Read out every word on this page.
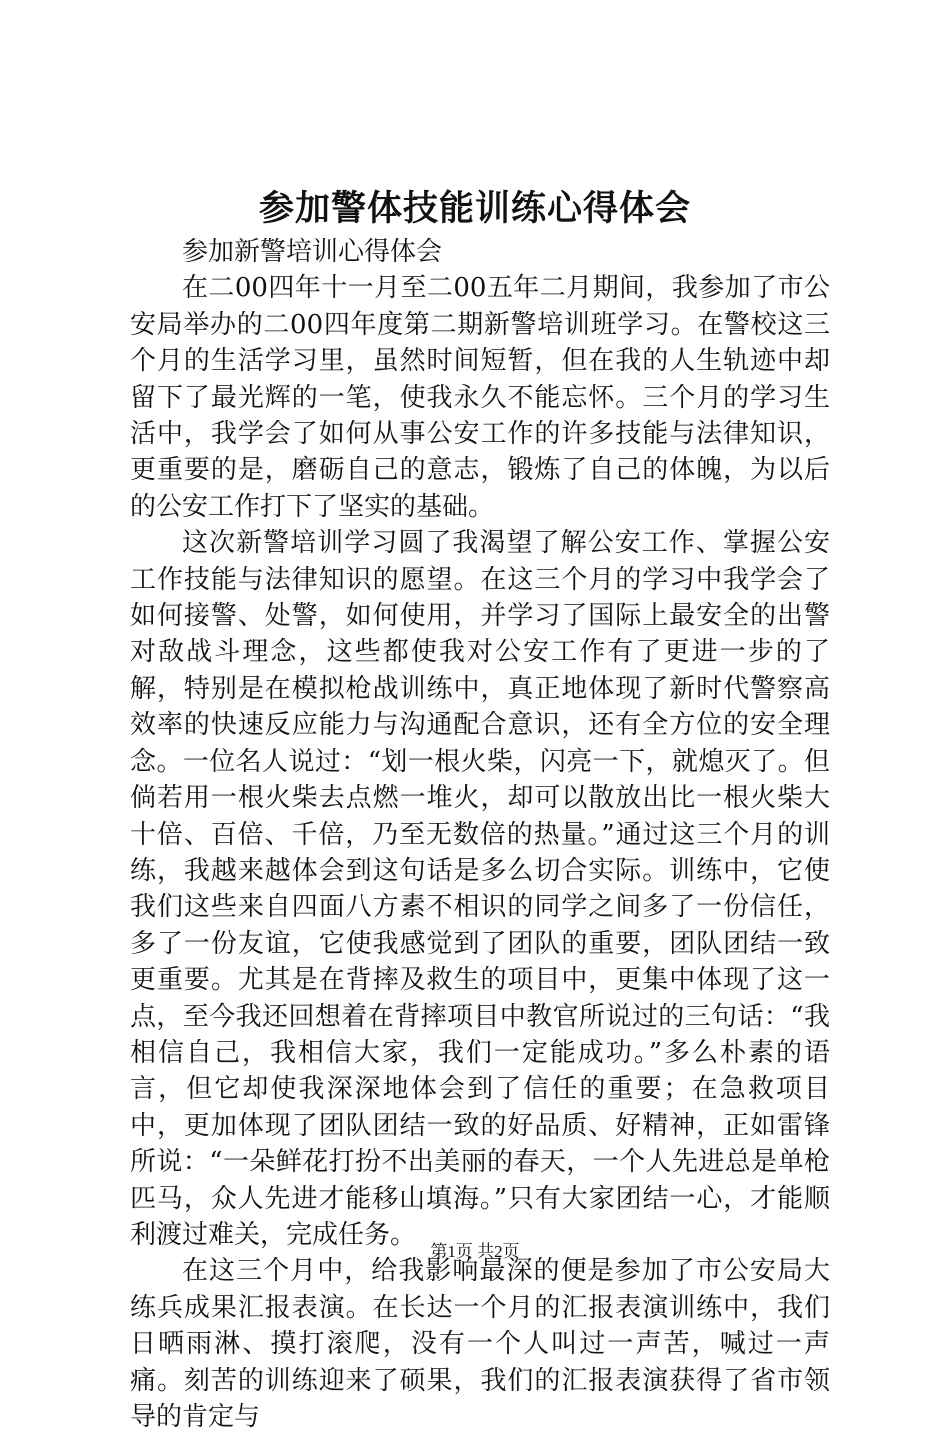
参加警体技能训练心得体会

参加新警培训心得体会

在二00四年十一月至二00五年二月期间，我参加了市公安局举办的二00四年度第二期新警培训班学习。在警校这三个月的生活学习里，虽然时间短暂，但在我的人生轨迹中却留下了最光辉的一笔，使我永久不能忘怀。三个月的学习生活中，我学会了如何从事公安工作的许多技能与法律知识，更重要的是，磨砺自己的意志，锻炼了自己的体魄，为以后的公安工作打下了坚实的基础。

这次新警培训学习圆了我渴望了解公安工作、掌握公安工作技能与法律知识的愿望。在这三个月的学习中我学会了如何接警、处警，如何使用，并学习了国际上最安全的出警对敌战斗理念，这些都使我对公安工作有了更进一步的了解，特别是在模拟枪战训练中，真正地体现了新时代警察高效率的快速反应能力与沟通配合意识，还有全方位的安全理念。一位名人说过：“划一根火柴，闪亮一下，就熄灭了。但倘若用一根火柴去点燃一堆火，却可以散放出比一根火柴大十倍、百倍、千倍，乃至无数倍的热量。”通过这三个月的训练，我越来越体会到这句话是多么切合实际。训练中，它使我们这些来自四面八方素不相识的同学之间多了一份信任，多了一份友谊，它使我感觉到了团队的重要，团队团结一致更重要。尤其是在背摔及救生的项目中，更集中体现了这一点，至今我还回想着在背摔项目中教官所说过的三句话：“我相信自己，我相信大家，我们一定能成功。”多么朴素的语言，但它却使我深深地体会到了信任的重要；在急救项目中，更加体现了团队团结一致的好品质、好精神，正如雷锋所说：“一朵鲜花打扮不出美丽的春天，一个人先进总是单枪匹马，众人先进才能移山填海。”只有大家团结一心，才能顺利渡过难关，完成任务。

在这三个月中，给我影响最深的便是参加了市公安局大练兵成果汇报表演。在长达一个月的汇报表演训练中，我们日晒雨淋、摸打滚爬，没有一个人叫过一声苦，喊过一声痛。刻苦的训练迎来了硕果，我们的汇报表演获得了省市领导的肯定与

第1页 共2页
